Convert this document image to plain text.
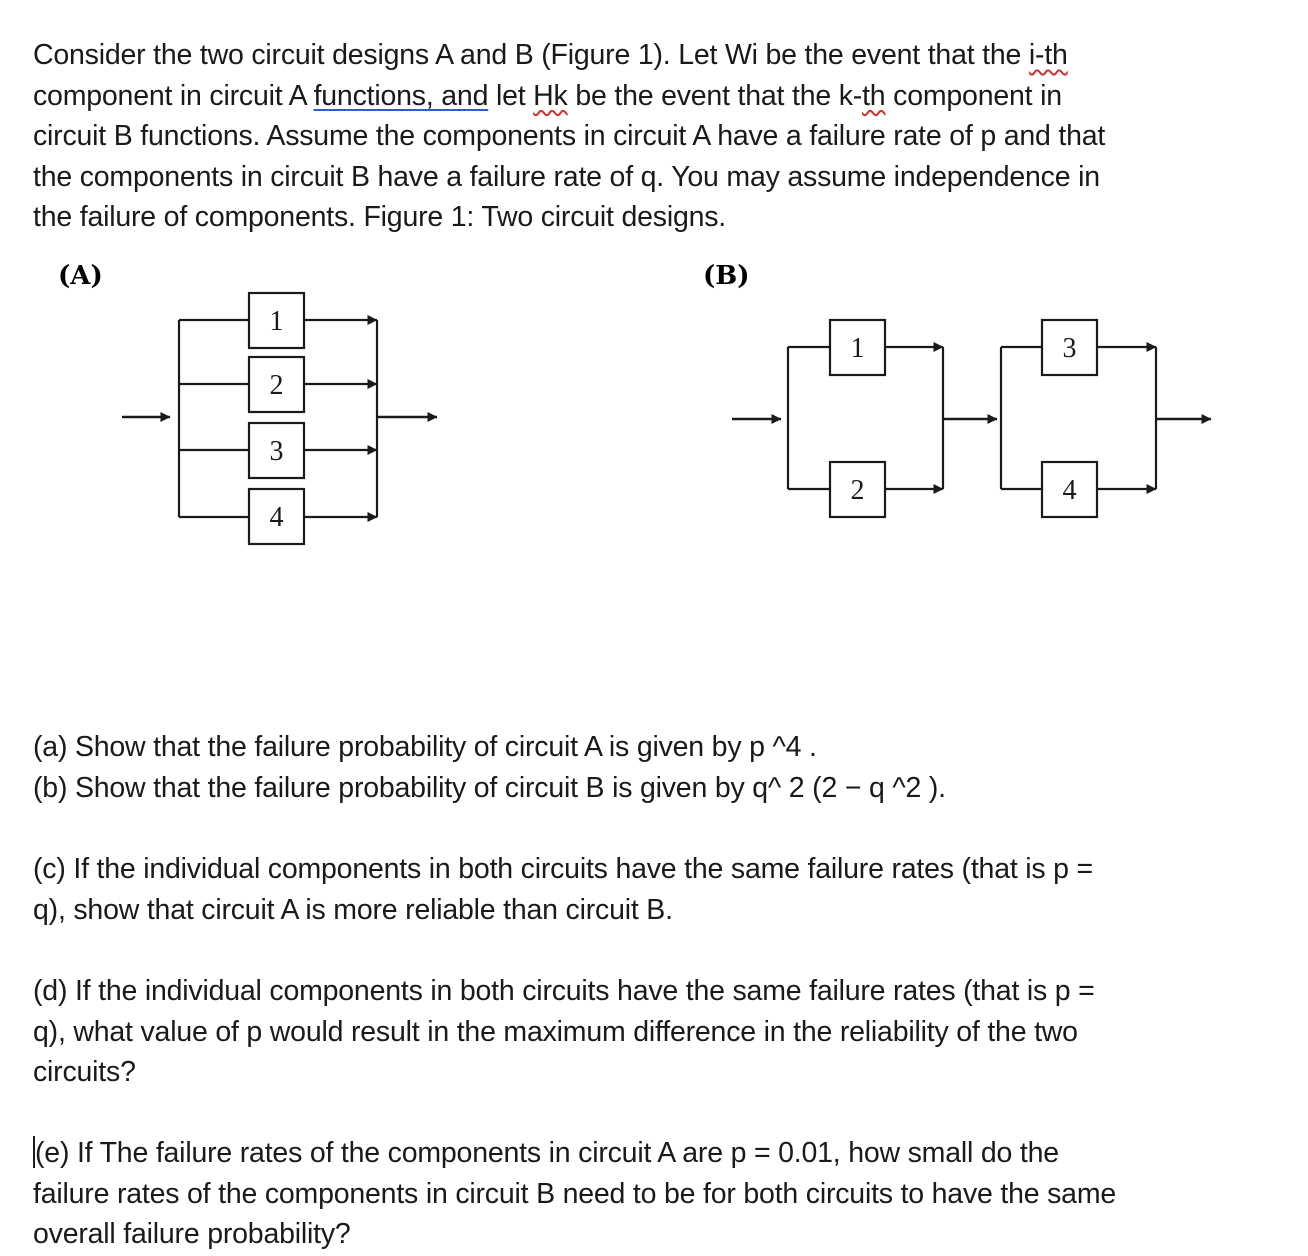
Consider the two circuit designs A and B (Figure 1). Let Wi be the event that the i-th
component in circuit A functions, and let Hk be the event that the k-th component in
circuit B functions. Assume the components in circuit A have a failure rate of p and that
the components in circuit B have a failure rate of q. You may assume independence in
the failure of components. Figure 1: Two circuit designs.
(A)	(B)
1
2
3
4
1
2
3
4
(a) Show that the failure probability of circuit A is given by p ^4 .
(b) Show that the failure probability of circuit B is given by q^ 2 (2 − q ^2 ).
(c) If the individual components in both circuits have the same failure rates (that is p =
q), show that circuit A is more reliable than circuit B.
(d) If the individual components in both circuits have the same failure rates (that is p =
q), what value of p would result in the maximum difference in the reliability of the two
circuits?
(e) If The failure rates of the components in circuit A are p = 0.01, how small do the
failure rates of the components in circuit B need to be for both circuits to have the same
overall failure probability?
